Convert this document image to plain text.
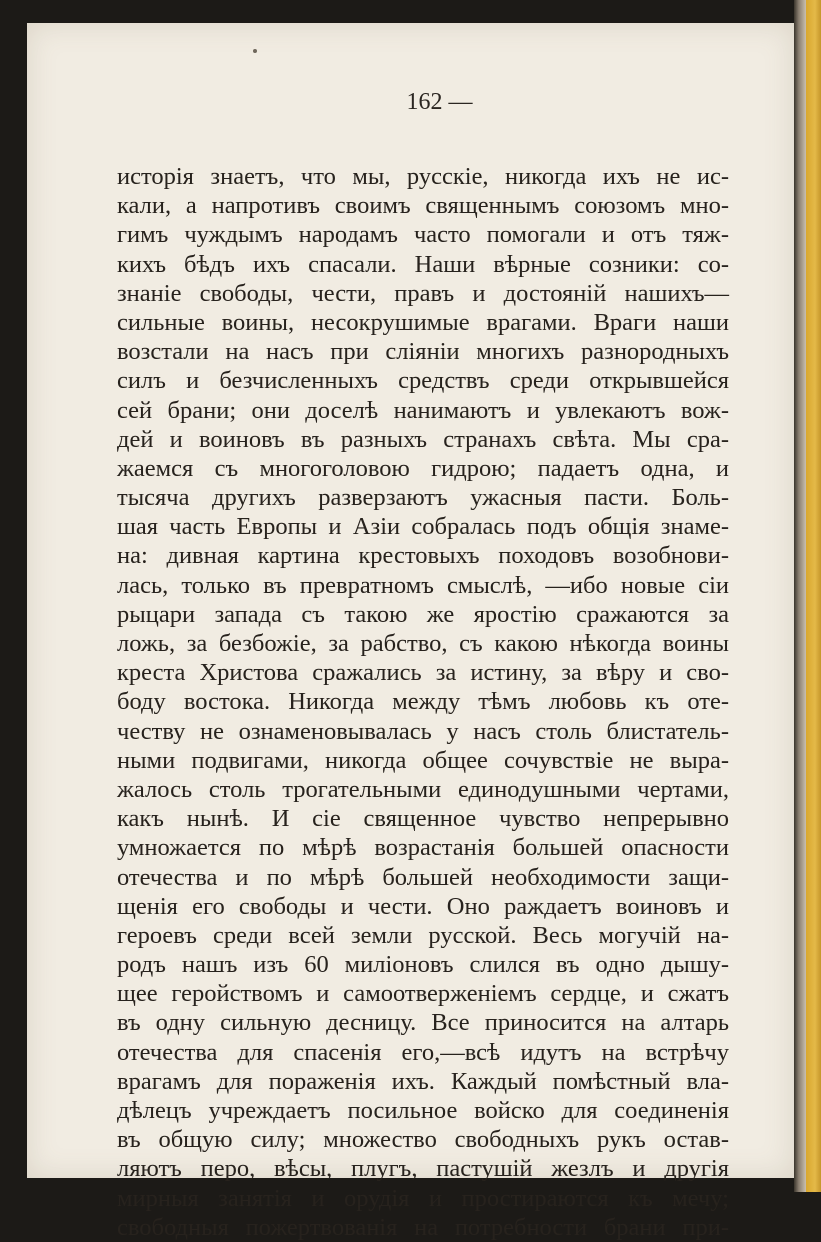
162 —
исторія знаетъ, что мы, русскіе, никогда ихъ не ис-
кали, а напротивъ своимъ священнымъ союзомъ мно-
гимъ чуждымъ народамъ часто помогали и отъ тяж-
кихъ бѣдъ ихъ спасали. Наши вѣрные созники: со-
знаніе свободы, чести, правъ и достояній нашихъ—
сильные воины, несокрушимые врагами. Враги наши
возстали на насъ при сліяніи многихъ разнородныхъ
силъ и безчисленныхъ средствъ среди открывшейся
сей брани; они доселѣ нанимаютъ и увлекаютъ вож-
дей и воиновъ въ разныхъ странахъ свѣта. Мы сра-
жаемся съ многоголовою гидрою; падаетъ одна, и
тысяча другихъ разверзаютъ ужасныя пасти. Боль-
шая часть Европы и Азіи собралась подъ общія знаме-
на: дивная картина крестовыхъ походовъ возобнови-
лась, только въ превратномъ смыслѣ, —ибо новые сіи
рыцари запада съ такою же яростію сражаются за
ложь, за безбожіе, за рабство, съ какою нѣкогда воины
креста Христова сражались за истину, за вѣру и сво-
боду востока. Никогда между тѣмъ любовь къ оте-
честву не ознаменовывалась у насъ столь блистатель-
ными подвигами, никогда общее сочувствіе не выра-
жалось столь трогательными единодушными чертами,
какъ нынѣ. И сіе священное чувство непрерывно
умножается по мѣрѣ возрастанія большей опасности
отечества и по мѣрѣ большей необходимости защи-
щенія его свободы и чести. Оно раждаетъ воиновъ и
героевъ среди всей земли русской. Весь могучій на-
родъ нашъ изъ 60 миліоновъ слился въ одно дышу-
щее геройствомъ и самоотверженіемъ сердце, и сжатъ
въ одну сильную десницу. Все приносится на алтарь
отечества для спасенія его,—всѣ идутъ на встрѣчу
врагамъ для пораженія ихъ. Каждый помѣстный вла-
дѣлецъ учреждаетъ посильное войско для соединенія
въ общую силу; множество свободныхъ рукъ остав-
ляютъ перо, вѣсы, плугъ, пастушій жезлъ и другія
мирныя занятія и орудія и простираются къ мечу;
свободныя пожертвованія на потребности брани при-
